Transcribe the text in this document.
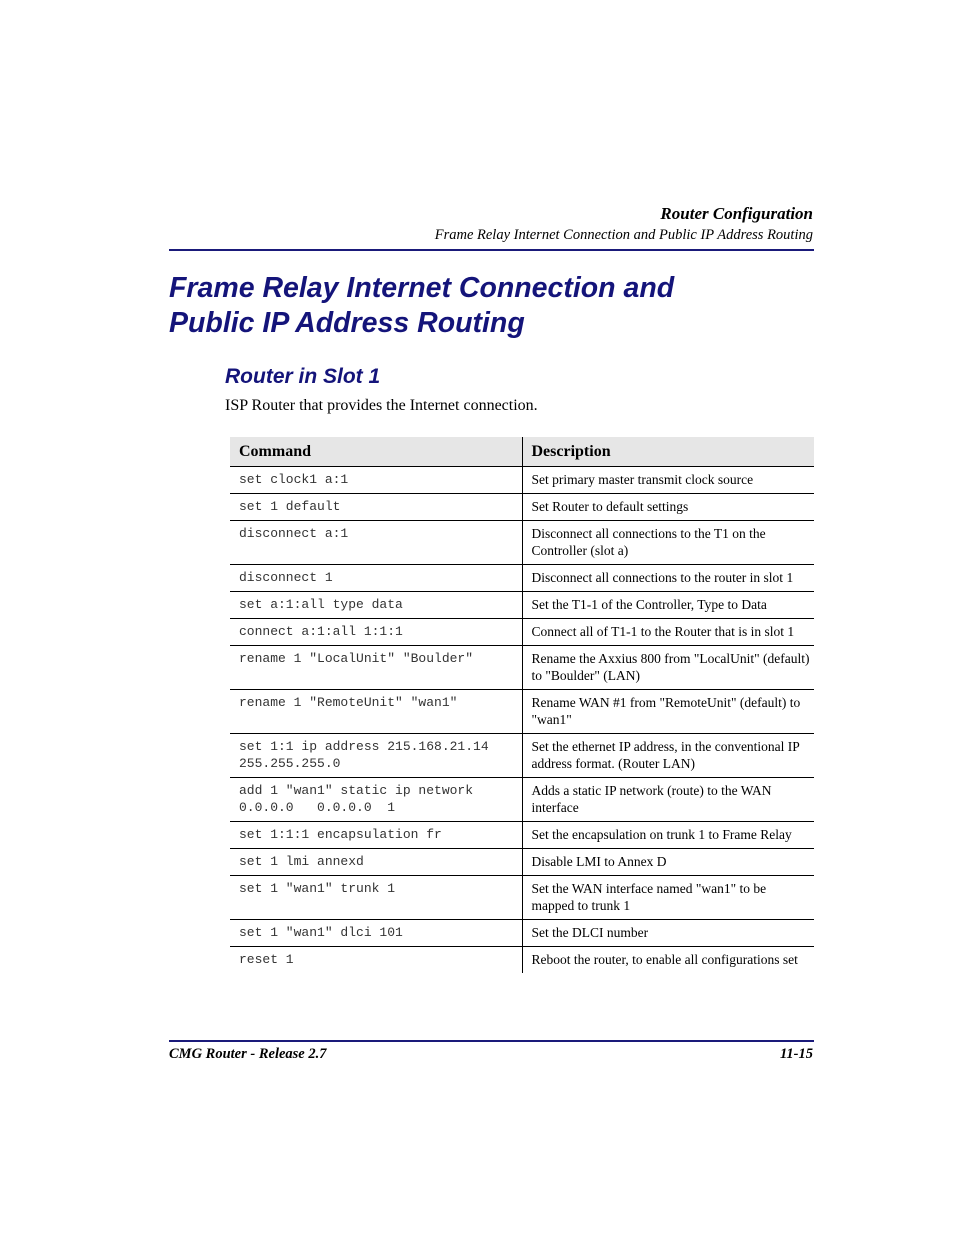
Router Configuration
Frame Relay Internet Connection and Public IP Address Routing
Frame Relay Internet Connection and
Public IP Address Routing
Router in Slot 1

ISP Router that provides the Internet connection.

Command	Description
set clock1 a:1	Set primary master transmit clock source
set 1 default	Set Router to default settings
disconnect a:1	Disconnect all connections to the T1 on the Controller (slot a)
disconnect 1	Disconnect all connections to the router in slot 1
set a:1:all type data	Set the T1-1 of the Controller, Type to Data
connect a:1:all 1:1:1	Connect all of T1-1 to the Router that is in slot 1
rename 1 "LocalUnit" "Boulder"	Rename the Axxius 800 from "LocalUnit" (default) to "Boulder" (LAN)
rename 1 "RemoteUnit" "wan1"	Rename WAN #1 from "RemoteUnit" (default) to "wan1"
set 1:1 ip address 215.168.21.14 255.255.255.0	Set the ethernet IP address, in the conventional IP address format. (Router LAN)
add 1 "wan1" static ip network 0.0.0.0   0.0.0.0  1	Adds a static IP network (route) to the WAN interface
set 1:1:1 encapsulation fr	Set the encapsulation on trunk 1 to Frame Relay
set 1 lmi annexd	Disable LMI to Annex D
set 1 "wan1" trunk 1	Set the WAN interface named "wan1" to be mapped to trunk 1
set 1 "wan1" dlci 101	Set the DLCI number
reset 1	Reboot the router, to enable all configurations set
CMG Router - Release 2.7	11-15
